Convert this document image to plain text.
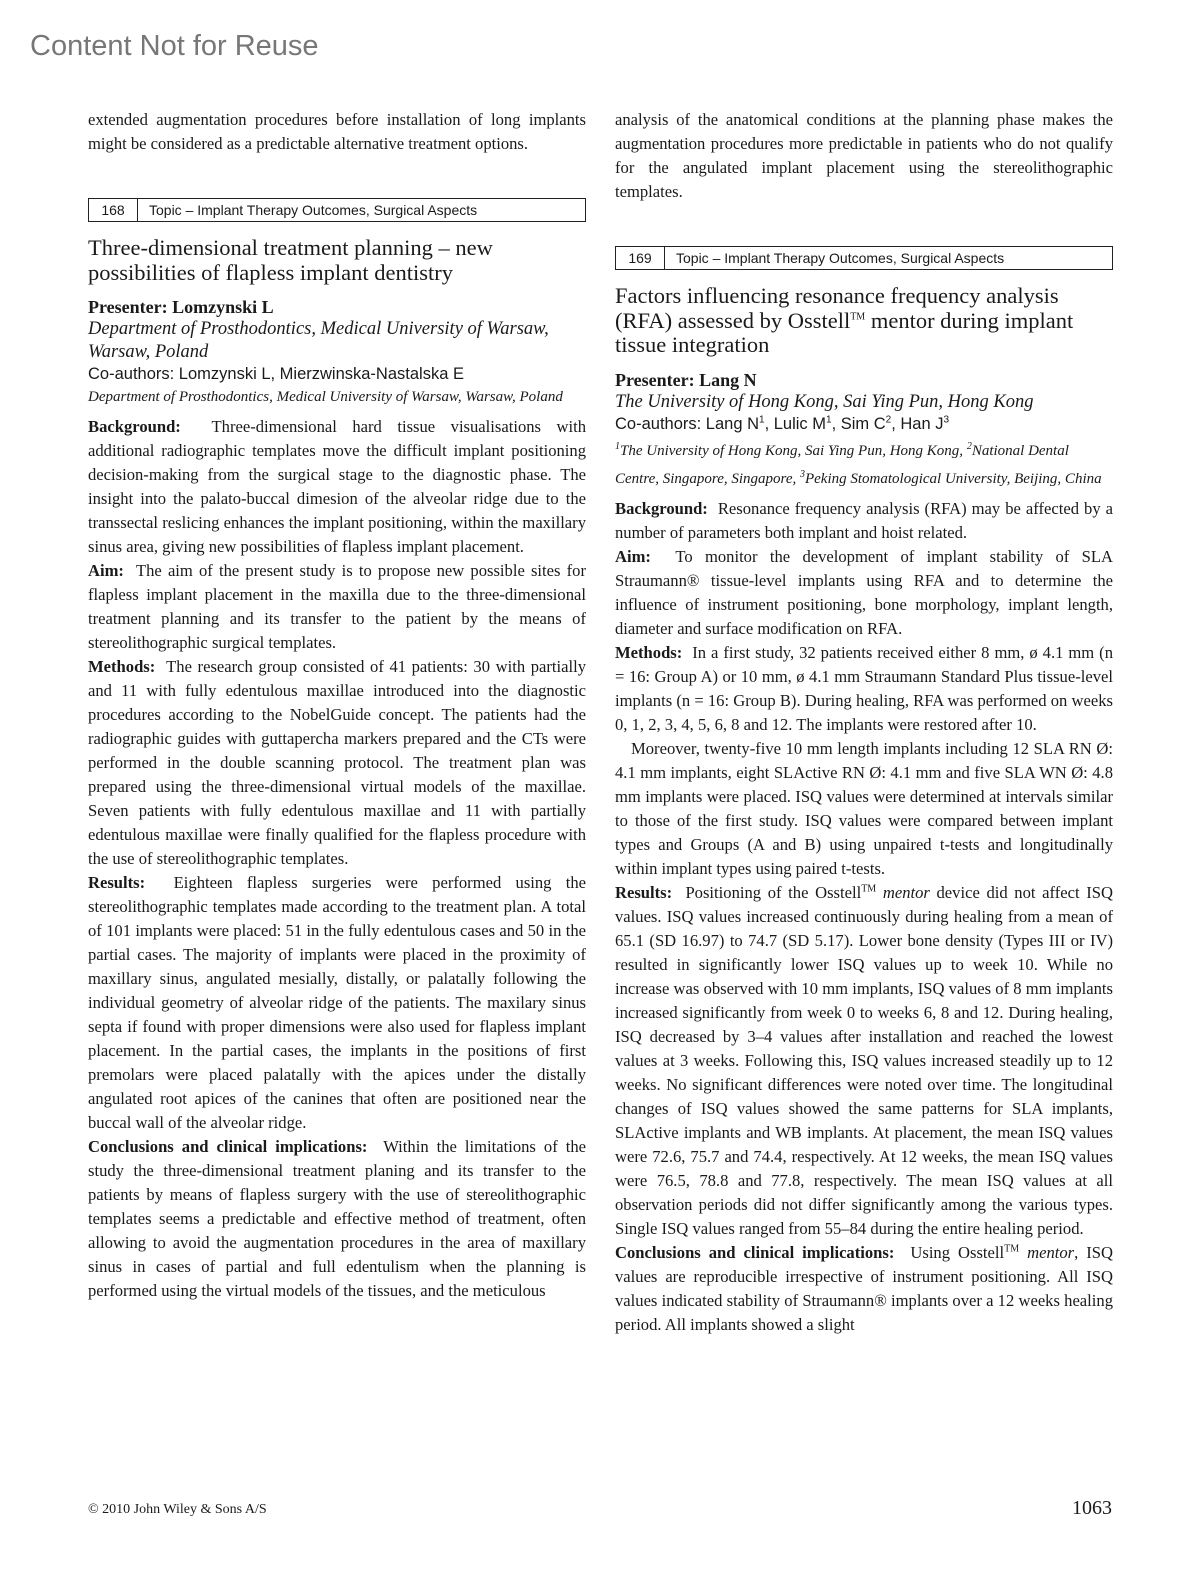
Content Not for Reuse

extended augmentation procedures before installation of long implants might be considered as a predictable alternative treatment options.

168	Topic – Implant Therapy Outcomes, Surgical Aspects

Three-dimensional treatment planning – new possibilities of flapless implant dentistry

Presenter: Lomzynski L

Department of Prosthodontics, Medical University of Warsaw, Warsaw, Poland

Co-authors: Lomzynski L, Mierzwinska-Nastalska E

Department of Prosthodontics, Medical University of Warsaw, Warsaw, Poland

Background: Three-dimensional hard tissue visualisations with additional radiographic templates move the difficult implant positioning decision-making from the surgical stage to the diagnostic phase. The insight into the palato-buccal dimesion of the alveolar ridge due to the transsectal reslicing enhances the implant positioning, within the maxillary sinus area, giving new possibilities of flapless implant placement.

Aim: The aim of the present study is to propose new possible sites for flapless implant placement in the maxilla due to the three-dimensional treatment planning and its transfer to the patient by the means of stereolithographic surgical templates.

Methods: The research group consisted of 41 patients: 30 with partially and 11 with fully edentulous maxillae introduced into the diagnostic procedures according to the NobelGuide concept. The patients had the radiographic guides with guttapercha markers prepared and the CTs were performed in the double scanning protocol. The treatment plan was prepared using the three-dimensional virtual models of the maxillae. Seven patients with fully edentulous maxillae and 11 with partially edentulous maxillae were finally qualified for the flapless procedure with the use of stereolithographic templates.

Results: Eighteen flapless surgeries were performed using the stereolithographic templates made according to the treatment plan. A total of 101 implants were placed: 51 in the fully edentulous cases and 50 in the partial cases. The majority of implants were placed in the proximity of maxillary sinus, angulated mesially, distally, or palatally following the individual geometry of alveolar ridge of the patients. The maxilary sinus septa if found with proper dimensions were also used for flapless implant placement. In the partial cases, the implants in the positions of first premolars were placed palatally with the apices under the distally angulated root apices of the canines that often are positioned near the buccal wall of the alveolar ridge.

Conclusions and clinical implications: Within the limitations of the study the three-dimensional treatment planing and its transfer to the patients by means of flapless surgery with the use of stereolithographic templates seems a predictable and effective method of treatment, often allowing to avoid the augmentation procedures in the area of maxillary sinus in cases of partial and full edentulism when the planning is performed using the virtual models of the tissues, and the meticulous

analysis of the anatomical conditions at the planning phase makes the augmentation procedures more predictable in patients who do not qualify for the angulated implant placement using the stereolithographic templates.

169	Topic – Implant Therapy Outcomes, Surgical Aspects

Factors influencing resonance frequency analysis (RFA) assessed by Osstell™ mentor during implant tissue integration

Presenter: Lang N

The University of Hong Kong, Sai Ying Pun, Hong Kong

Co-authors: Lang $N^1$, Lulic $M^1$, Sim $C^2$, Han $J^3$

$^1$The University of Hong Kong, Sai Ying Pun, Hong Kong, $^2$National Dental Centre, Singapore, Singapore, $^3$Peking Stomatological University, Beijing, China

Background: Resonance frequency analysis (RFA) may be affected by a number of parameters both implant and hoist related.

Aim: To monitor the development of implant stability of SLA Straumann® tissue-level implants using RFA and to determine the influence of instrument positioning, bone morphology, implant length, diameter and surface modification on RFA.

Methods: In a first study, 32 patients received either 8 mm, ø 4.1 mm (n = 16: Group A) or 10 mm, ø 4.1 mm Straumann Standard Plus tissue-level implants (n = 16: Group B). During healing, RFA was performed on weeks 0, 1, 2, 3, 4, 5, 6, 8 and 12. The implants were restored after 10.

Moreover, twenty-five 10 mm length implants including 12 SLA RN Ø: 4.1 mm implants, eight SLActive RN Ø: 4.1 mm and five SLA WN Ø: 4.8 mm implants were placed. ISQ values were determined at intervals similar to those of the first study. ISQ values were compared between implant types and Groups (A and B) using unpaired t-tests and longitudinally within implant types using paired t-tests.

Results: Positioning of the Osstell™ mentor device did not affect ISQ values. ISQ values increased continuously during healing from a mean of 65.1 (SD 16.97) to 74.7 (SD 5.17). Lower bone density (Types III or IV) resulted in significantly lower ISQ values up to week 10. While no increase was observed with 10 mm implants, ISQ values of 8 mm implants increased significantly from week 0 to weeks 6, 8 and 12. During healing, ISQ decreased by 3–4 values after installation and reached the lowest values at 3 weeks. Following this, ISQ values increased steadily up to 12 weeks. No significant differences were noted over time. The longitudinal changes of ISQ values showed the same patterns for SLA implants, SLActive implants and WB implants. At placement, the mean ISQ values were 72.6, 75.7 and 74.4, respectively. At 12 weeks, the mean ISQ values were 76.5, 78.8 and 77.8, respectively. The mean ISQ values at all observation periods did not differ significantly among the various types. Single ISQ values ranged from 55–84 during the entire healing period.

Conclusions and clinical implications: Using Osstell™ mentor, ISQ values are reproducible irrespective of instrument positioning. All ISQ values indicated stability of Straumann® implants over a 12 weeks healing period. All implants showed a slight

© 2010 John Wiley & Sons A/S	1063
